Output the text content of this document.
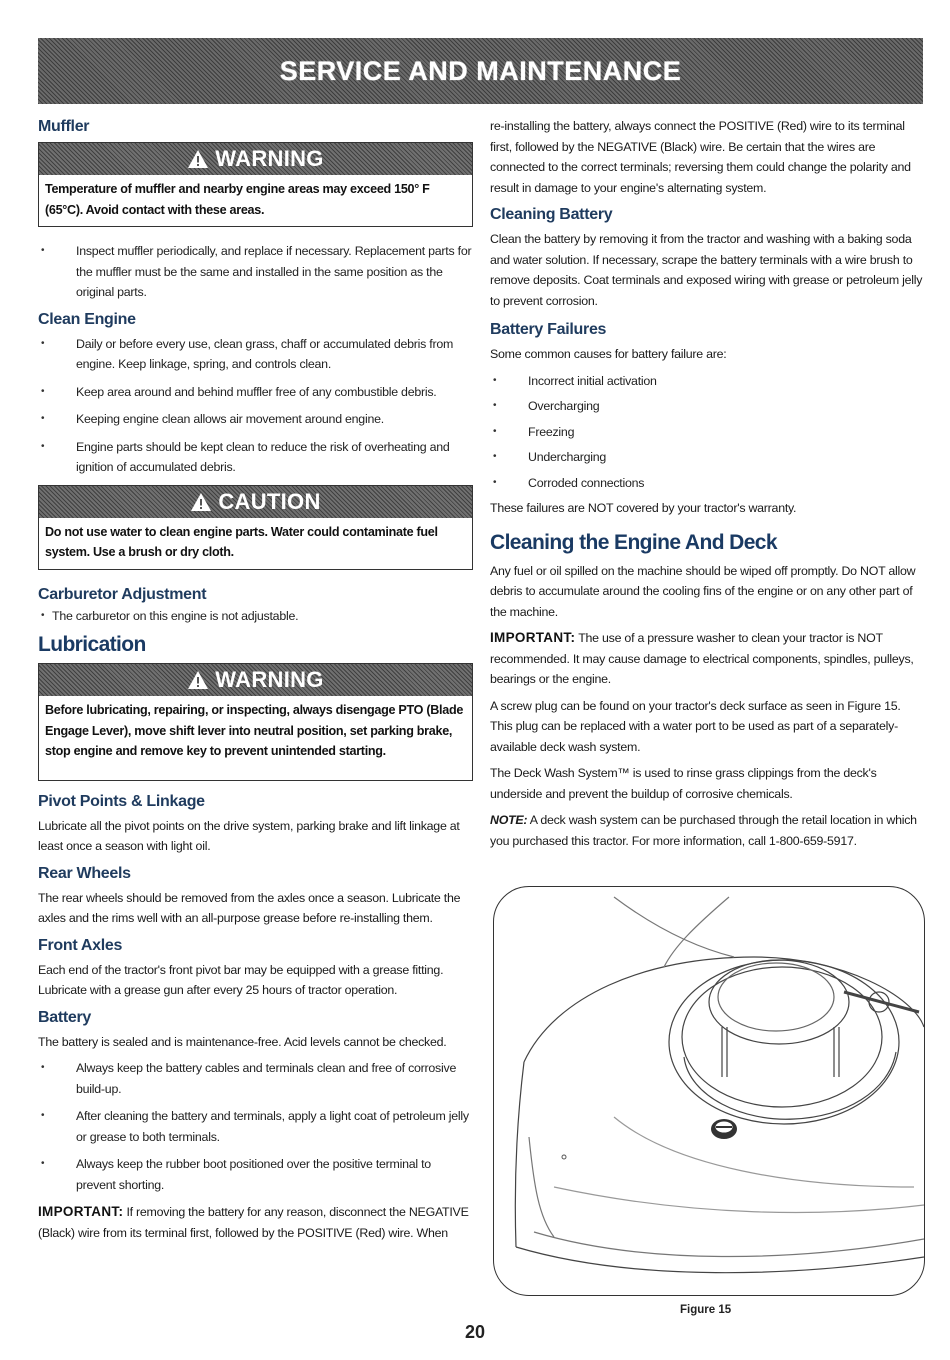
SERVICE AND MAINTENANCE
Muffler
WARNING
Temperature of muffler and nearby engine areas may exceed 150° F (65°C). Avoid contact with these areas.
• Inspect muffler periodically, and replace if necessary. Replacement parts for the muffler must be the same and installed in the same position as the original parts.
Clean Engine
• Daily or before every use, clean grass, chaff or accumulated debris from engine. Keep linkage, spring, and controls clean.
• Keep area around and behind muffler free of any combustible debris.
• Keeping engine clean allows air movement around engine.
• Engine parts should be kept clean to reduce the risk of overheating and ignition of accumulated debris.
CAUTION
Do not use water to clean engine parts. Water could contaminate fuel system. Use a brush or dry cloth.
Carburetor Adjustment
• The carburetor on this engine is not adjustable.
Lubrication
WARNING
Before lubricating, repairing, or inspecting, always disengage PTO (Blade Engage Lever), move shift lever into neutral position, set parking brake, stop engine and remove key to prevent unintended starting.
Pivot Points & Linkage

Lubricate all the pivot points on the drive system, parking brake and lift linkage at least once a season with light oil.

Rear Wheels

The rear wheels should be removed from the axles once a season. Lubricate the axles and the rims well with an all-purpose grease before re-installing them.

Front Axles

Each end of the tractor's front pivot bar may be equipped with a grease fitting. Lubricate with a grease gun after every 25 hours of tractor operation.

Battery

The battery is sealed and is maintenance-free. Acid levels cannot be checked.

• Always keep the battery cables and terminals clean and free of corrosive build-up.
• After cleaning the battery and terminals, apply a light coat of petroleum jelly or grease to both terminals.
• Always keep the rubber boot positioned over the positive terminal to prevent shorting.

IMPORTANT: If removing the battery for any reason, disconnect the NEGATIVE (Black) wire from its terminal first, followed by the POSITIVE (Red) wire. When

re-installing the battery, always connect the POSITIVE (Red) wire to its terminal first, followed by the NEGATIVE (Black) wire. Be certain that the wires are connected to the correct terminals; reversing them could change the polarity and result in damage to your engine's alternating system.

Cleaning Battery

Clean the battery by removing it from the tractor and washing with a baking soda and water solution. If necessary, scrape the battery terminals with a wire brush to remove deposits. Coat terminals and exposed wiring with grease or petroleum jelly to prevent corrosion.

Battery Failures

Some common causes for battery failure are:

• Incorrect initial activation
• Overcharging
• Freezing
• Undercharging
• Corroded connections

These failures are NOT covered by your tractor's warranty.

Cleaning the Engine And Deck

Any fuel or oil spilled on the machine should be wiped off promptly. Do NOT allow debris to accumulate around the cooling fins of the engine or on any other part of the machine.

IMPORTANT: The use of a pressure washer to clean your tractor is NOT recommended. It may cause damage to electrical components, spindles, pulleys, bearings or the engine.

A screw plug can be found on your tractor's deck surface as seen in Figure 15. This plug can be replaced with a water port to be used as part of a separately-available deck wash system.

The Deck Wash System™ is used to rinse grass clippings from the deck's underside and prevent the buildup of corrosive chemicals.

NOTE: A deck wash system can be purchased through the retail location in which you purchased this tractor. For more information, call 1-800-659-5917.

Figure 15
20
